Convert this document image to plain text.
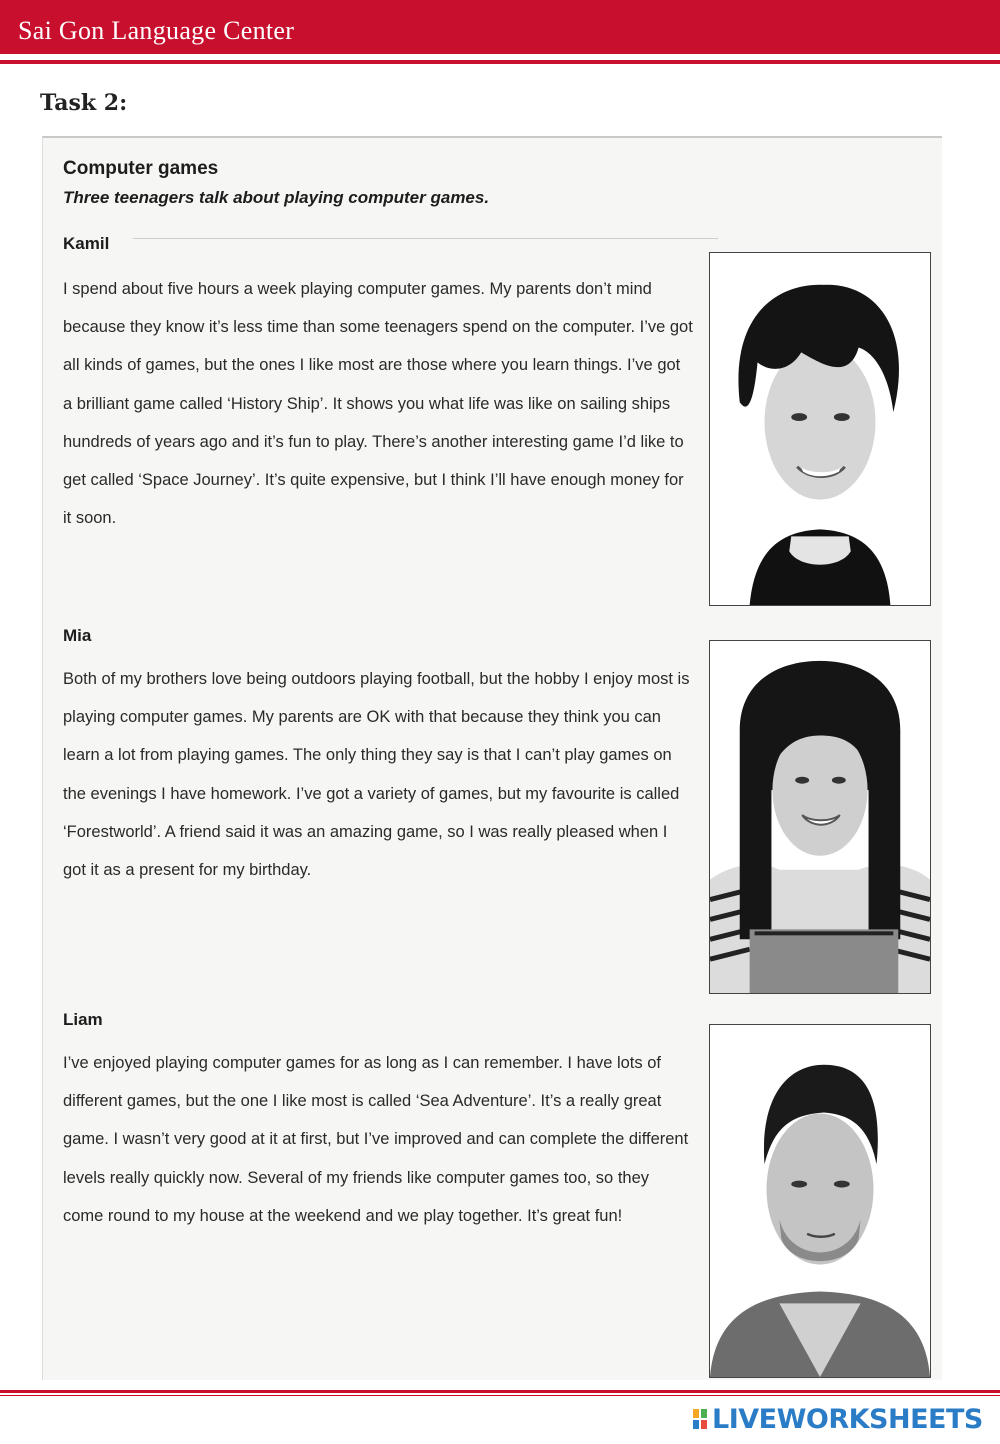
Sai Gon Language Center
Task 2:
Computer games
Three teenagers talk about playing computer games.
Kamil

I spend about five hours a week playing computer games. My parents don’t mind because they know it’s less time than some teenagers spend on the computer. I’ve got all kinds of games, but the ones I like most are those where you learn things. I’ve got a brilliant game called ‘History Ship’. It shows you what life was like on sailing ships hundreds of years ago and it’s fun to play. There’s another interesting game I’d like to get called ‘Space Journey’. It’s quite expensive, but I think I’ll have enough money for it soon.

Mia

Both of my brothers love being outdoors playing football, but the hobby I enjoy most is playing computer games. My parents are OK with that because they think you can learn a lot from playing games. The only thing they say is that I can’t play games on the evenings I have homework. I’ve got a variety of games, but my favourite is called ‘Forestworld’. A friend said it was an amazing game, so I was really pleased when I got it as a present for my birthday.

Liam

I’ve enjoyed playing computer games for as long as I can remember. I have lots of different games, but the one I like most is called ‘Sea Adventure’. It’s a really great game. I wasn’t very good at it at first, but I’ve improved and can complete the different levels really quickly now. Several of my friends like computer games too, so they come round to my house at the weekend and we play together. It’s great fun!

LIVEWORKSHEETS
